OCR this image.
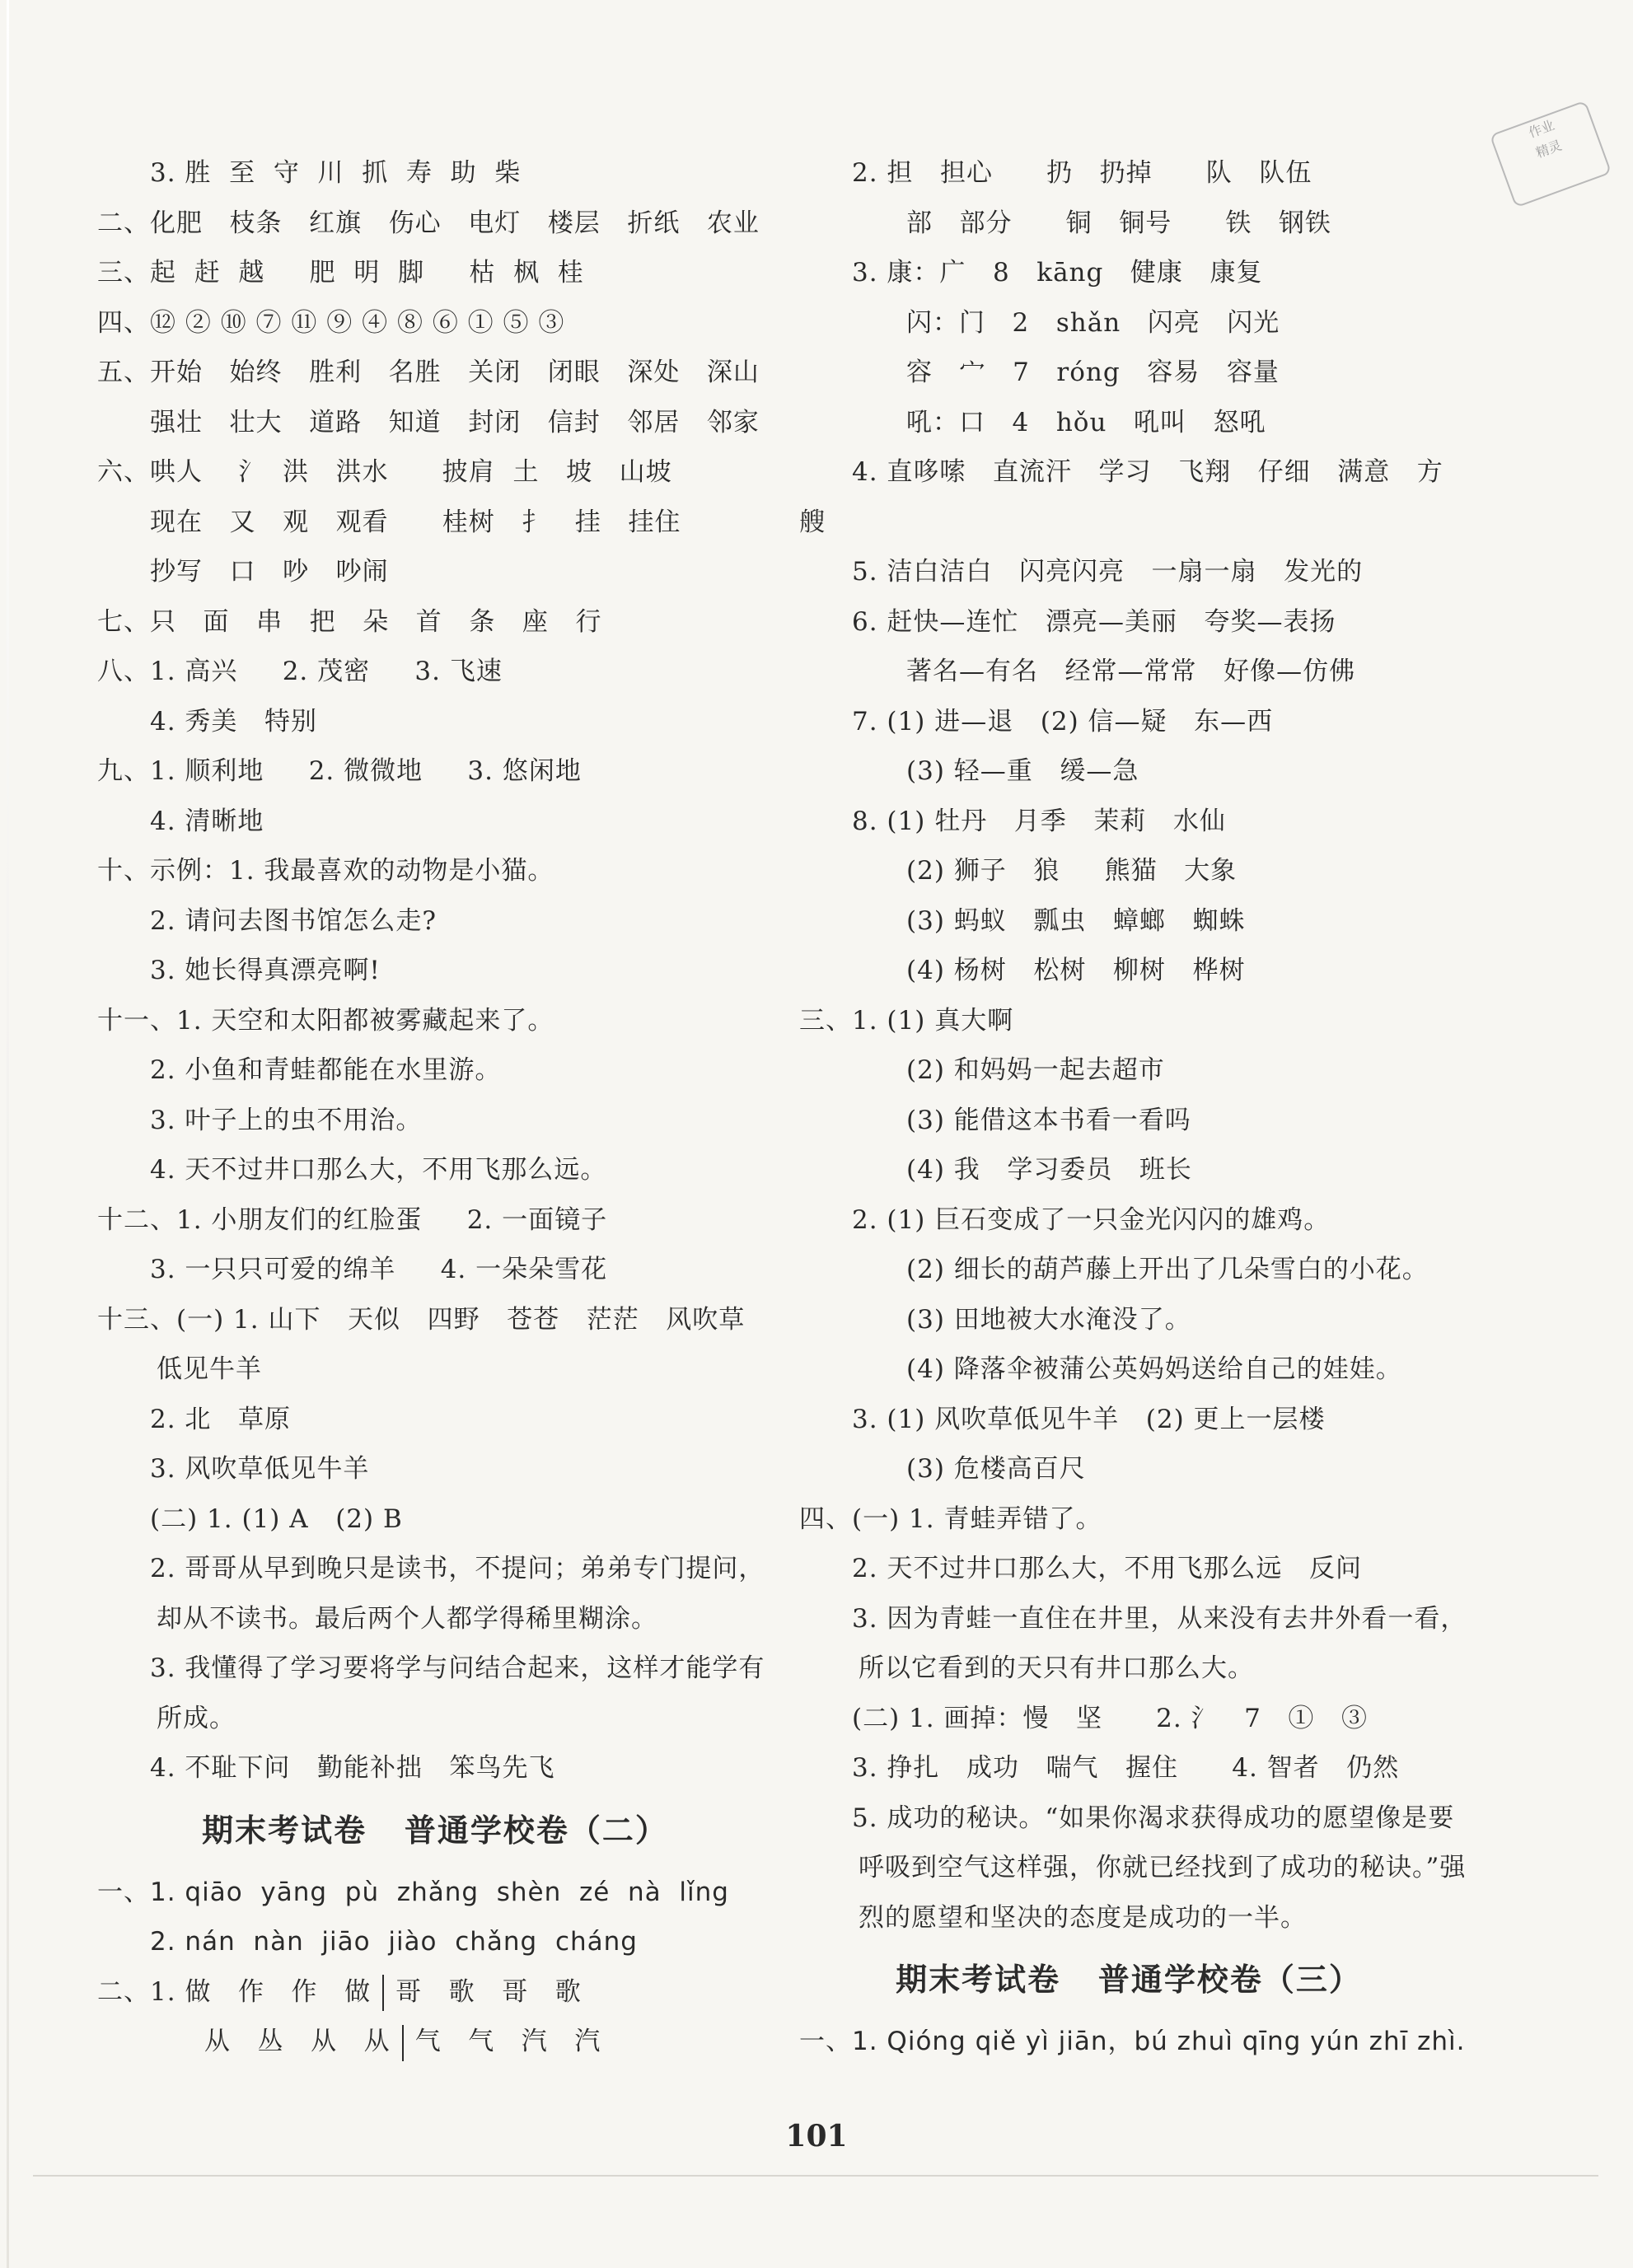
作业
精灵
3. 胜  至  守  川  抓  寿  助  柴
二、化肥   枝条   红旗   伤心   电灯   楼层   折纸   农业
三、起  赶  越     肥  明  脚     枯  枫  桂
四、⑫ ② ⑩ ⑦ ⑪ ⑨ ④ ⑧ ⑥ ① ⑤ ③
五、开始   始终   胜利   名胜   关闭   闭眼   深处   深山
强壮   壮大   道路   知道   封闭   信封   邻居   邻家
六、哄人    氵  洪   洪水      披肩  土   坡   山坡
现在   又   观   观看      桂树   扌   挂   挂住
抄写   口   吵   吵闹
七、只   面   串   把   朵   首   条   座   行
八、1. 高兴     2. 茂密     3. 飞速
4. 秀美   特别
九、1. 顺利地     2. 微微地     3. 悠闲地
4. 清晰地
十、示例：1. 我最喜欢的动物是小猫。
2. 请问去图书馆怎么走?
3. 她长得真漂亮啊!
十一、1. 天空和太阳都被雾藏起来了。
2. 小鱼和青蛙都能在水里游。
3. 叶子上的虫不用治。
4. 天不过井口那么大，不用飞那么远。
十二、1. 小朋友们的红脸蛋     2. 一面镜子
3. 一只只可爱的绵羊     4. 一朵朵雪花
十三、(一) 1. 山下   天似   四野   苍苍   茫茫   风吹草
低见牛羊
2. 北   草原
3. 风吹草低见牛羊
(二) 1. (1) A   (2) B
2. 哥哥从早到晚只是读书，不提问；弟弟专门提问，
却从不读书。最后两个人都学得稀里糊涂。
3. 我懂得了学习要将学与问结合起来，这样才能学有
所成。
4. 不耻下问   勤能补拙   笨鸟先飞
期末考试卷   普通学校卷（二）
一、1. qiāo  yāng  pù  zhǎng  shèn  zé  nà  lǐng
2. nán  nàn  jiāo  jiào  chǎng  cháng
二、1. 做   作   作   做 哥   歌   哥   歌
从   丛   从   从 气   气   汽   汽
2. 担   担心      扔   扔掉      队   队伍
部   部分      铜   铜号      铁   钢铁
3. 康：广   8   kāng   健康   康复
闪：门   2   shǎn   闪亮   闪光
容   宀   7   róng   容易   容量
吼：口   4   hǒu   吼叫   怒吼
4. 直哆嗦   直流汗   学习   飞翔   仔细   满意   方
艘
5. 洁白洁白   闪亮闪亮   一扇一扇   发光的
6. 赶快—连忙   漂亮—美丽   夸奖—表扬
著名—有名   经常—常常   好像—仿佛
7. (1) 进—退   (2) 信—疑   东—西
(3) 轻—重   缓—急
8. (1) 牡丹   月季   茉莉   水仙
(2) 狮子   狼     熊猫   大象
(3) 蚂蚁   瓢虫   蟑螂   蜘蛛
(4) 杨树   松树   柳树   桦树
三、1. (1) 真大啊
(2) 和妈妈一起去超市
(3) 能借这本书看一看吗
(4) 我   学习委员   班长
2. (1) 巨石变成了一只金光闪闪的雄鸡。
(2) 细长的葫芦藤上开出了几朵雪白的小花。
(3) 田地被大水淹没了。
(4) 降落伞被蒲公英妈妈送给自己的娃娃。
3. (1) 风吹草低见牛羊   (2) 更上一层楼
(3) 危楼高百尺
四、(一) 1. 青蛙弄错了。
2. 天不过井口那么大，不用飞那么远   反问
3. 因为青蛙一直住在井里，从来没有去井外看一看，
所以它看到的天只有井口那么大。
(二) 1. 画掉：慢   坚      2. 氵   7   ①   ③
3. 挣扎   成功   喘气   握住      4. 智者   仍然
5. 成功的秘诀。“如果你渴求获得成功的愿望像是要
呼吸到空气这样强，你就已经找到了成功的秘诀。”强
烈的愿望和坚决的态度是成功的一半。
期末考试卷   普通学校卷（三）
一、1. Qióng qiě yì jiān，bú zhuì qīng yún zhī zhì.
101
